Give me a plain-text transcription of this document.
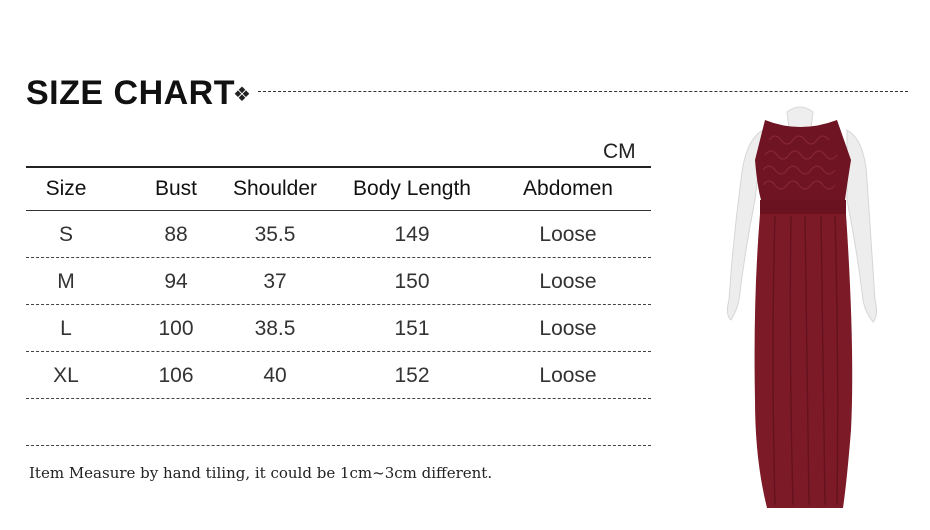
SIZE CHART
❖
CM
Size	Bust	Shoulder	Body Length	Abdomen
S	88	35.5	149	Loose
M	94	37	150	Loose
L	100	38.5	151	Loose
XL	106	40	152	Loose
Item Measure by hand tiling, it could be 1cm~3cm different.
